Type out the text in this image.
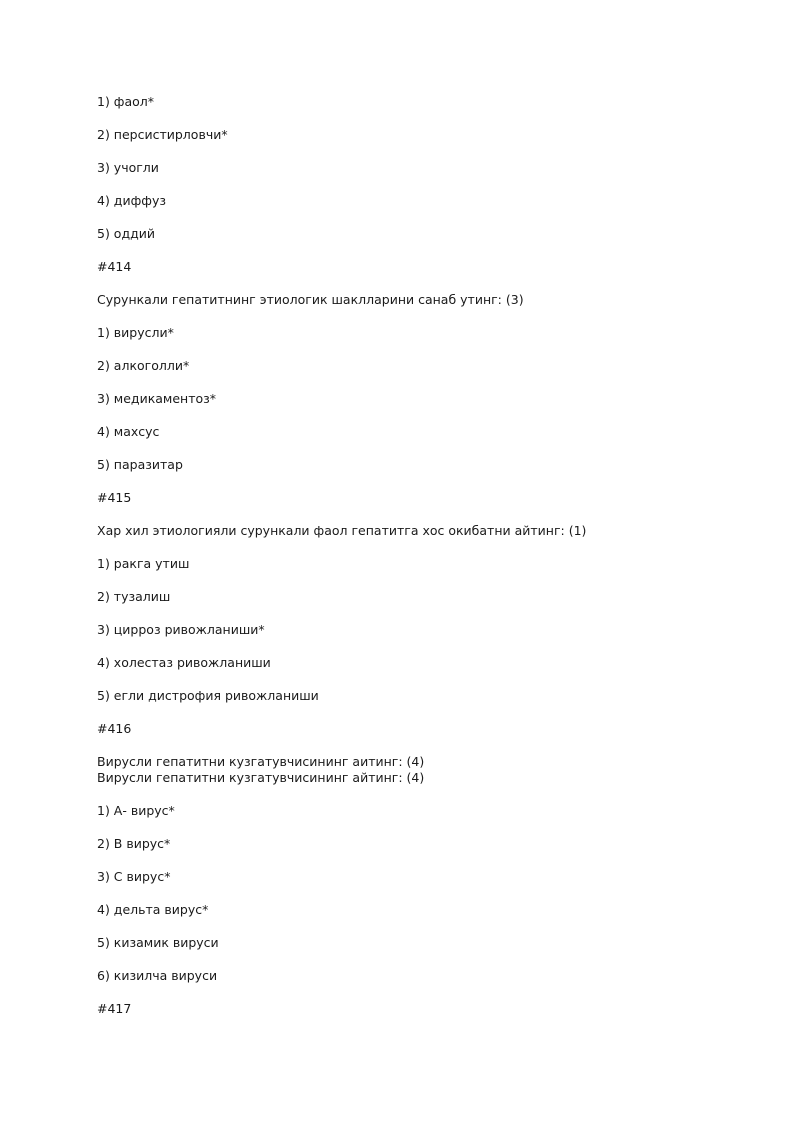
1) фаол*
2) персистирловчи*
3) учогли
4) диффуз
5) оддий
#414
Сурункали гепатитнинг этиологик шаклларини санаб утинг: (3)
1) вирусли*
2) алкоголли*
3) медикаментоз*
4) махсус
5) паразитар
#415
Хар хил этиологияли сурункали фаол гепатитга хос окибатни айтинг: (1)
1) ракга утиш
2) тузалиш
3) цирроз ривожланиши*
4) холестаз ривожланиши
5) егли дистрофия ривожланиши
#416
Вирусли гепатитни кузгатувчисининг аитинг: (4)
Вирусли гепатитни кузгатувчисининг айтинг: (4)
1) А- вирус*
2) В вирус*
3) С вирус*
4) дельта вирус*
5) кизамик вируси
6) кизилча вируси
#417
